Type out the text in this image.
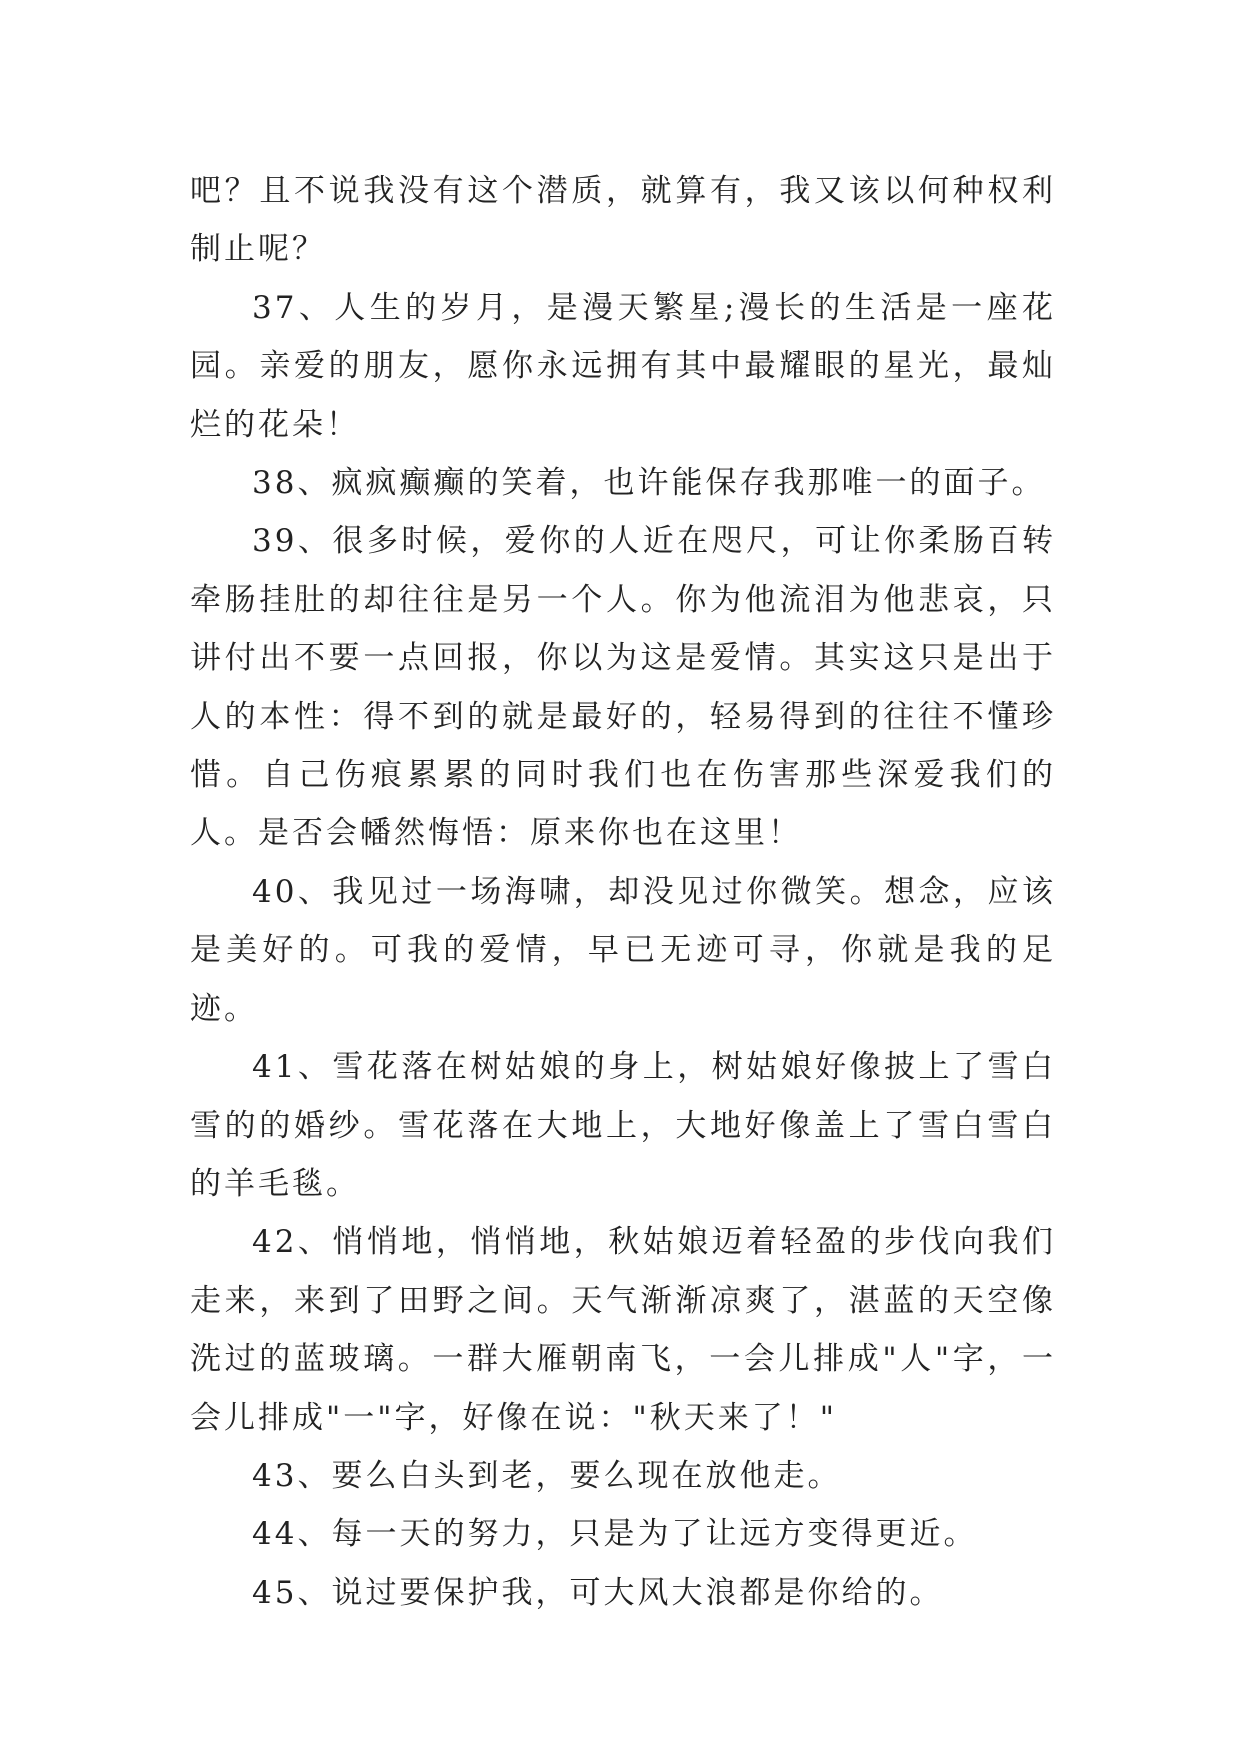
吧？且不说我没有这个潜质，就算有，我又该以何种权利制止呢？

37、人生的岁月，是漫天繁星;漫长的生活是一座花园。亲爱的朋友，愿你永远拥有其中最耀眼的星光，最灿烂的花朵！

38、疯疯癫癫的笑着，也许能保存我那唯一的面子。

39、很多时候，爱你的人近在咫尺，可让你柔肠百转牵肠挂肚的却往往是另一个人。你为他流泪为他悲哀，只讲付出不要一点回报，你以为这是爱情。其实这只是出于人的本性：得不到的就是最好的，轻易得到的往往不懂珍惜。自己伤痕累累的同时我们也在伤害那些深爱我们的人。是否会幡然悔悟：原来你也在这里！

40、我见过一场海啸，却没见过你微笑。想念，应该是美好的。可我的爱情，早已无迹可寻，你就是我的足迹。

41、雪花落在树姑娘的身上，树姑娘好像披上了雪白雪的的婚纱。雪花落在大地上，大地好像盖上了雪白雪白的羊毛毯。

42、悄悄地，悄悄地，秋姑娘迈着轻盈的步伐向我们走来，来到了田野之间。天气渐渐凉爽了，湛蓝的天空像洗过的蓝玻璃。一群大雁朝南飞，一会儿排成"人"字，一会儿排成"一"字，好像在说："秋天来了！"

43、要么白头到老，要么现在放他走。

44、每一天的努力，只是为了让远方变得更近。

45、说过要保护我，可大风大浪都是你给的。
